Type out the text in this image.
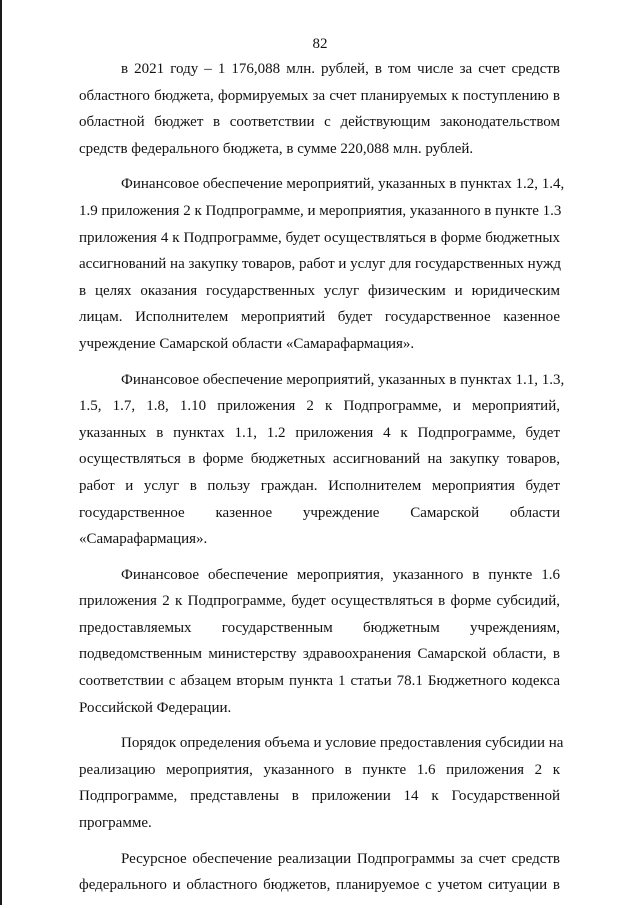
82
в 2021 году – 1 176,088 млн. рублей, в том числе за счет средств
областного бюджета, формируемых за счет планируемых к поступлению в
областной бюджет в соответствии с действующим законодательством
средств федерального бюджета, в сумме 220,088 млн. рублей.
Финансовое обеспечение мероприятий, указанных в пунктах 1.2, 1.4,
1.9 приложения 2 к Подпрограмме, и мероприятия, указанного в пункте 1.3
приложения 4 к Подпрограмме, будет осуществляться в форме бюджетных
ассигнований на закупку товаров, работ и услуг для государственных нужд
в целях оказания государственных услуг физическим и юридическим
лицам. Исполнителем мероприятий будет государственное казенное
учреждение Самарской области «Самарафармация».
Финансовое обеспечение мероприятий, указанных в пунктах 1.1, 1.3,
1.5, 1.7, 1.8, 1.10 приложения 2 к Подпрограмме, и мероприятий,
указанных в пунктах 1.1, 1.2 приложения 4 к Подпрограмме, будет
осуществляться в форме бюджетных ассигнований на закупку товаров,
работ и услуг в пользу граждан. Исполнителем мероприятия будет
государственное казенное учреждение Самарской области
«Самарафармация».
Финансовое обеспечение мероприятия, указанного в пункте 1.6
приложения 2 к Подпрограмме, будет осуществляться в форме субсидий,
предоставляемых государственным бюджетным учреждениям,
подведомственным министерству здравоохранения Самарской области, в
соответствии с абзацем вторым пункта 1 статьи 78.1 Бюджетного кодекса
Российской Федерации.
Порядок определения объема и условие предоставления субсидии на
реализацию мероприятия, указанного в пункте 1.6 приложения 2 к
Подпрограмме, представлены в приложении 14 к Государственной
программе.
Ресурсное обеспечение реализации Подпрограммы за счет средств
федерального и областного бюджетов, планируемое с учетом ситуации в
